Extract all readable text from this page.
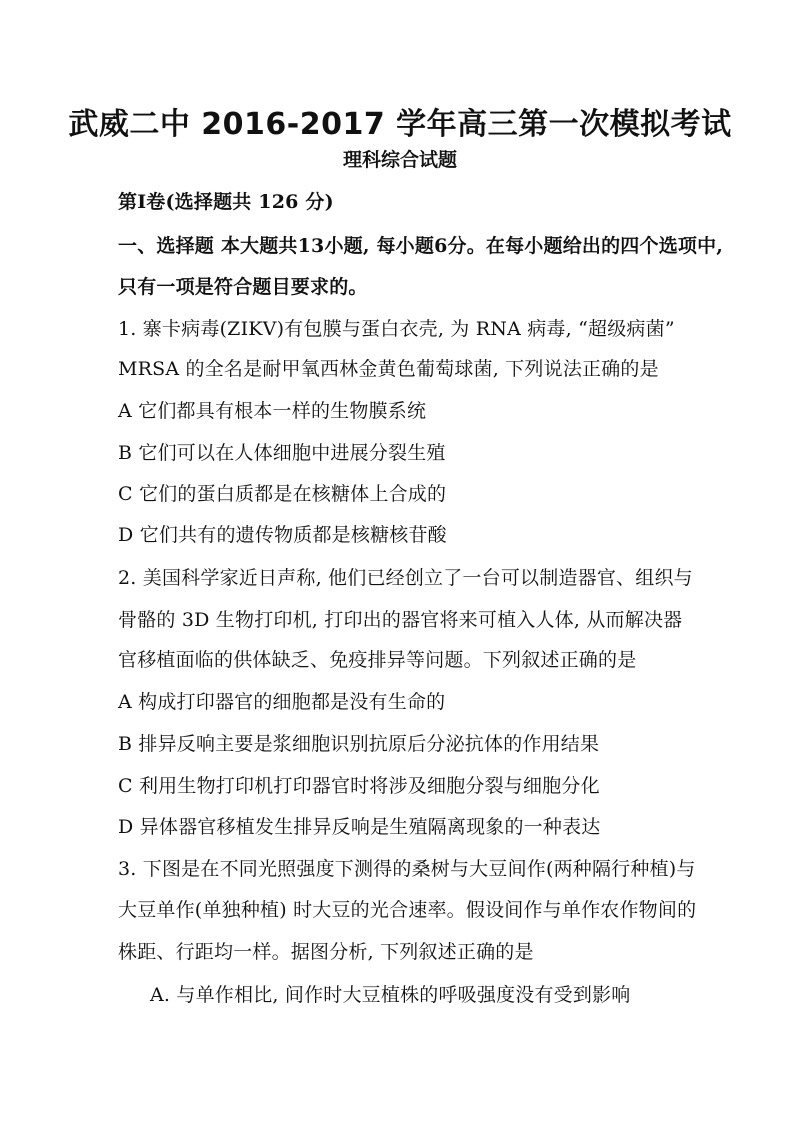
武威二中 2016-2017 学年高三第一次模拟考试
理科综合试题
第Ⅰ卷(选择题共 126 分)
一、选择题 本大题共13小题, 每小题6分。在每小题给出的四个选项中,
只有一项是符合题目要求的。
1. 寨卡病毒(ZIKV)有包膜与蛋白衣壳, 为 RNA 病毒, “超级病菌”
MRSA 的全名是耐甲氧西林金黄色葡萄球菌, 下列说法正确的是
A 它们都具有根本一样的生物膜系统
B 它们可以在人体细胞中进展分裂生殖
C 它们的蛋白质都是在核糖体上合成的
D 它们共有的遗传物质都是核糖核苷酸
2. 美国科学家近日声称, 他们已经创立了一台可以制造器官、组织与
骨骼的 3D 生物打印机, 打印出的器官将来可植入人体, 从而解决器
官移植面临的供体缺乏、免疫排异等问题。下列叙述正确的是
A 构成打印器官的细胞都是没有生命的
B 排异反响主要是浆细胞识别抗原后分泌抗体的作用结果
C 利用生物打印机打印器官时将涉及细胞分裂与细胞分化
D 异体器官移植发生排异反响是生殖隔离现象的一种表达
3. 下图是在不同光照强度下测得的桑树与大豆间作(两种隔行种植)与
大豆单作(单独种植) 时大豆的光合速率。假设间作与单作农作物间的
株距、行距均一样。据图分析, 下列叙述正确的是
A. 与单作相比, 间作时大豆植株的呼吸强度没有受到影响
